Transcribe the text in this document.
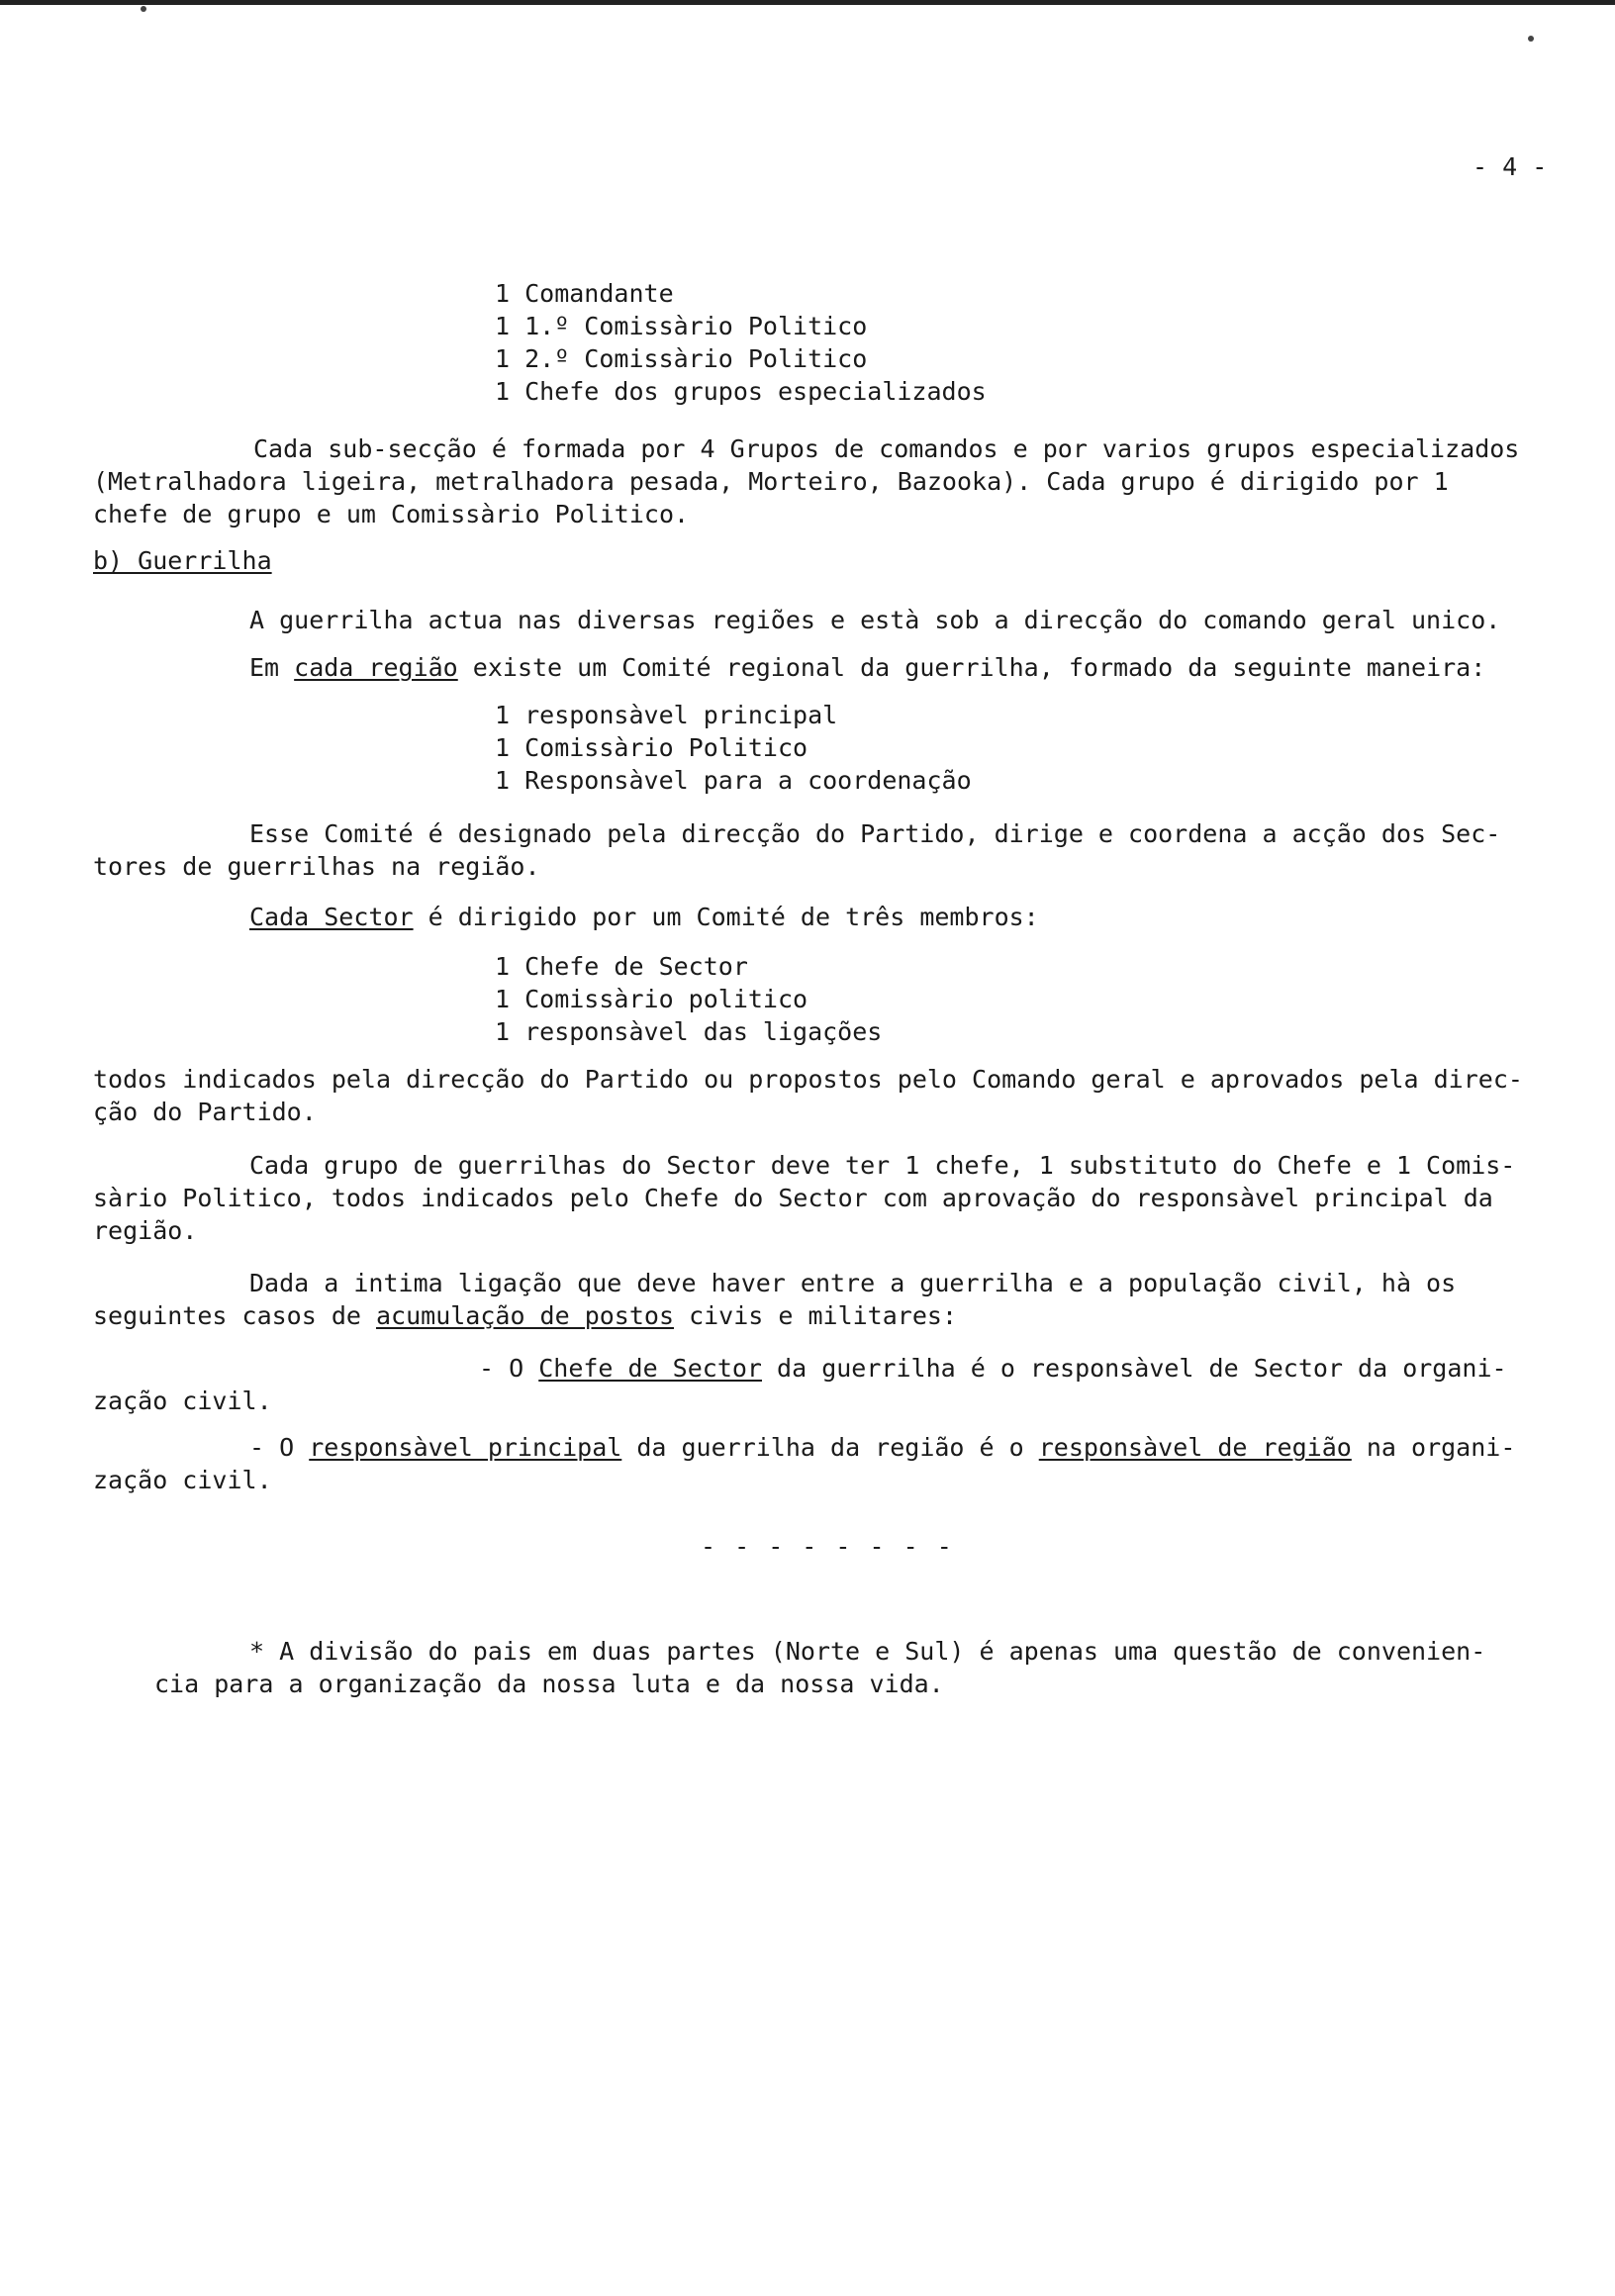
- 4 -
1 Comandante
1 1.º Comissàrio Politico
1 2.º Comissàrio Politico
1 Chefe dos grupos especializados
Cada sub-secção é formada por 4 Grupos de comandos e por varios grupos especializados
(Metralhadora ligeira, metralhadora pesada, Morteiro, Bazooka). Cada grupo é dirigido por 1
chefe de grupo e um Comissàrio Politico.
b) Guerrilha
A guerrilha actua nas diversas regiões e està sob a direcção do comando geral unico.
Em cada região existe um Comité regional da guerrilha, formado da seguinte maneira:
1 responsàvel principal
1 Comissàrio Politico
1 Responsàvel para a coordenação
Esse Comité é designado pela direcção do Partido, dirige e coordena a acção dos Sec-
tores de guerrilhas na região.
Cada Sector é dirigido por um Comité de três membros:
1 Chefe de Sector
1 Comissàrio politico
1 responsàvel das ligações
todos indicados pela direcção do Partido ou propostos pelo Comando geral e aprovados pela direc-
ção do Partido.
Cada grupo de guerrilhas do Sector deve ter 1 chefe, 1 substituto do Chefe e 1 Comis-
sàrio Politico, todos indicados pelo Chefe do Sector com aprovação do responsàvel principal da
região.
Dada a intima ligação que deve haver entre a guerrilha e a população civil, hà os
seguintes casos de acumulação de postos civis e militares:
- O Chefe de Sector da guerrilha é o responsàvel de Sector da organi-
zação civil.
- O responsàvel principal da guerrilha da região é o responsàvel de região na organi-
zação civil.
- - - - - - - -
* A divisão do pais em duas partes (Norte e Sul) é apenas uma questão de convenien-
cia para a organização da nossa luta e da nossa vida.
